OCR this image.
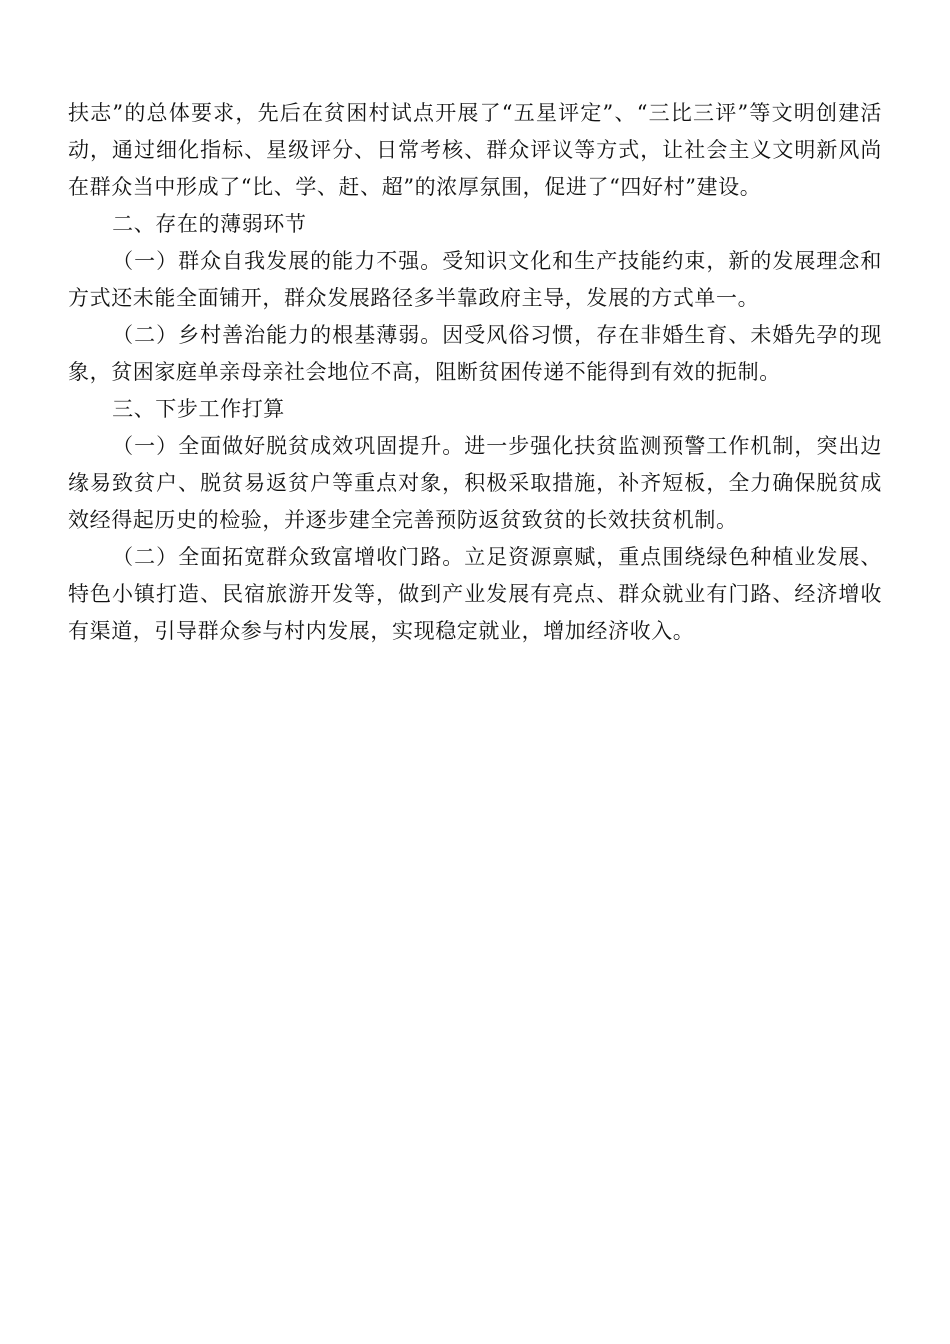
扶志”的总体要求，先后在贫困村试点开展了“五星评定”、“三比三评”等文明创建活动，通过细化指标、星级评分、日常考核、群众评议等方式，让社会主义文明新风尚在群众当中形成了“比、学、赶、超”的浓厚氛围，促进了“四好村”建设。

二、存在的薄弱环节

（一）群众自我发展的能力不强。受知识文化和生产技能约束，新的发展理念和方式还未能全面铺开，群众发展路径多半靠政府主导，发展的方式单一。

（二）乡村善治能力的根基薄弱。因受风俗习惯，存在非婚生育、未婚先孕的现象，贫困家庭单亲母亲社会地位不高，阻断贫困传递不能得到有效的扼制。

三、下步工作打算

（一）全面做好脱贫成效巩固提升。进一步强化扶贫监测预警工作机制，突出边缘易致贫户、脱贫易返贫户等重点对象，积极采取措施，补齐短板，全力确保脱贫成效经得起历史的检验，并逐步建全完善预防返贫致贫的长效扶贫机制。

（二）全面拓宽群众致富增收门路。立足资源禀赋，重点围绕绿色种植业发展、特色小镇打造、民宿旅游开发等，做到产业发展有亮点、群众就业有门路、经济增收有渠道，引导群众参与村内发展，实现稳定就业，增加经济收入。
